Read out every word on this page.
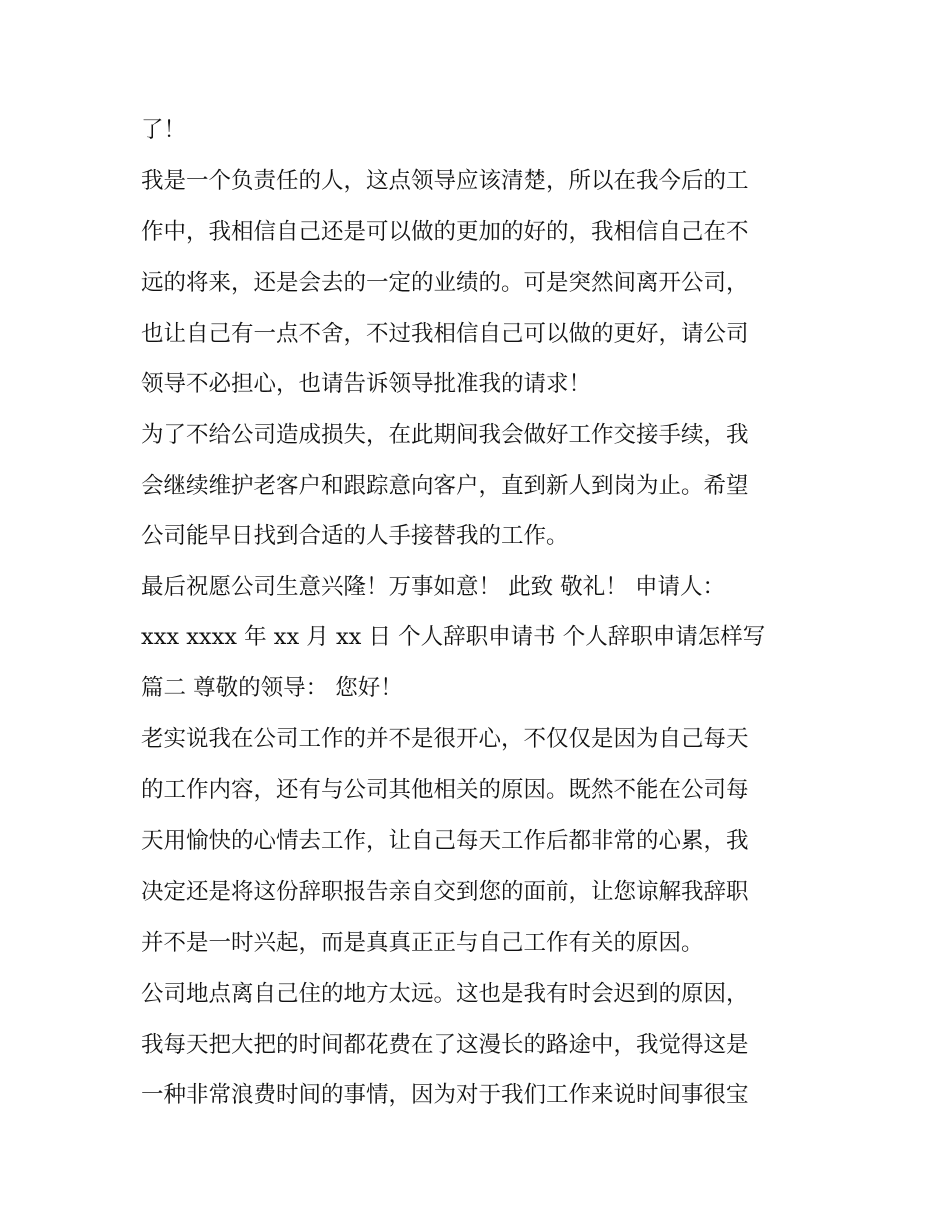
了！
我是一个负责任的人，这点领导应该清楚，所以在我今后的工
作中，我相信自己还是可以做的更加的好的，我相信自己在不
远的将来，还是会去的一定的业绩的。可是突然间离开公司，
也让自己有一点不舍，不过我相信自己可以做的更好，请公司
领导不必担心，也请告诉领导批准我的请求！
为了不给公司造成损失，在此期间我会做好工作交接手续，我
会继续维护老客户和跟踪意向客户，直到新人到岗为止。希望
公司能早日找到合适的人手接替我的工作。
最后祝愿公司生意兴隆！万事如意！ 此致 敬礼！ 申请人：
xxx xxxx 年 xx 月 xx 日 个人辞职申请书 个人辞职申请怎样写
篇二 尊敬的领导： 您好！
老实说我在公司工作的并不是很开心，不仅仅是因为自己每天
的工作内容，还有与公司其他相关的原因。既然不能在公司每
天用愉快的心情去工作，让自己每天工作后都非常的心累，我
决定还是将这份辞职报告亲自交到您的面前，让您谅解我辞职
并不是一时兴起，而是真真正正与自己工作有关的原因。
公司地点离自己住的地方太远。这也是我有时会迟到的原因，
我每天把大把的时间都花费在了这漫长的路途中，我觉得这是
一种非常浪费时间的事情，因为对于我们工作来说时间事很宝
